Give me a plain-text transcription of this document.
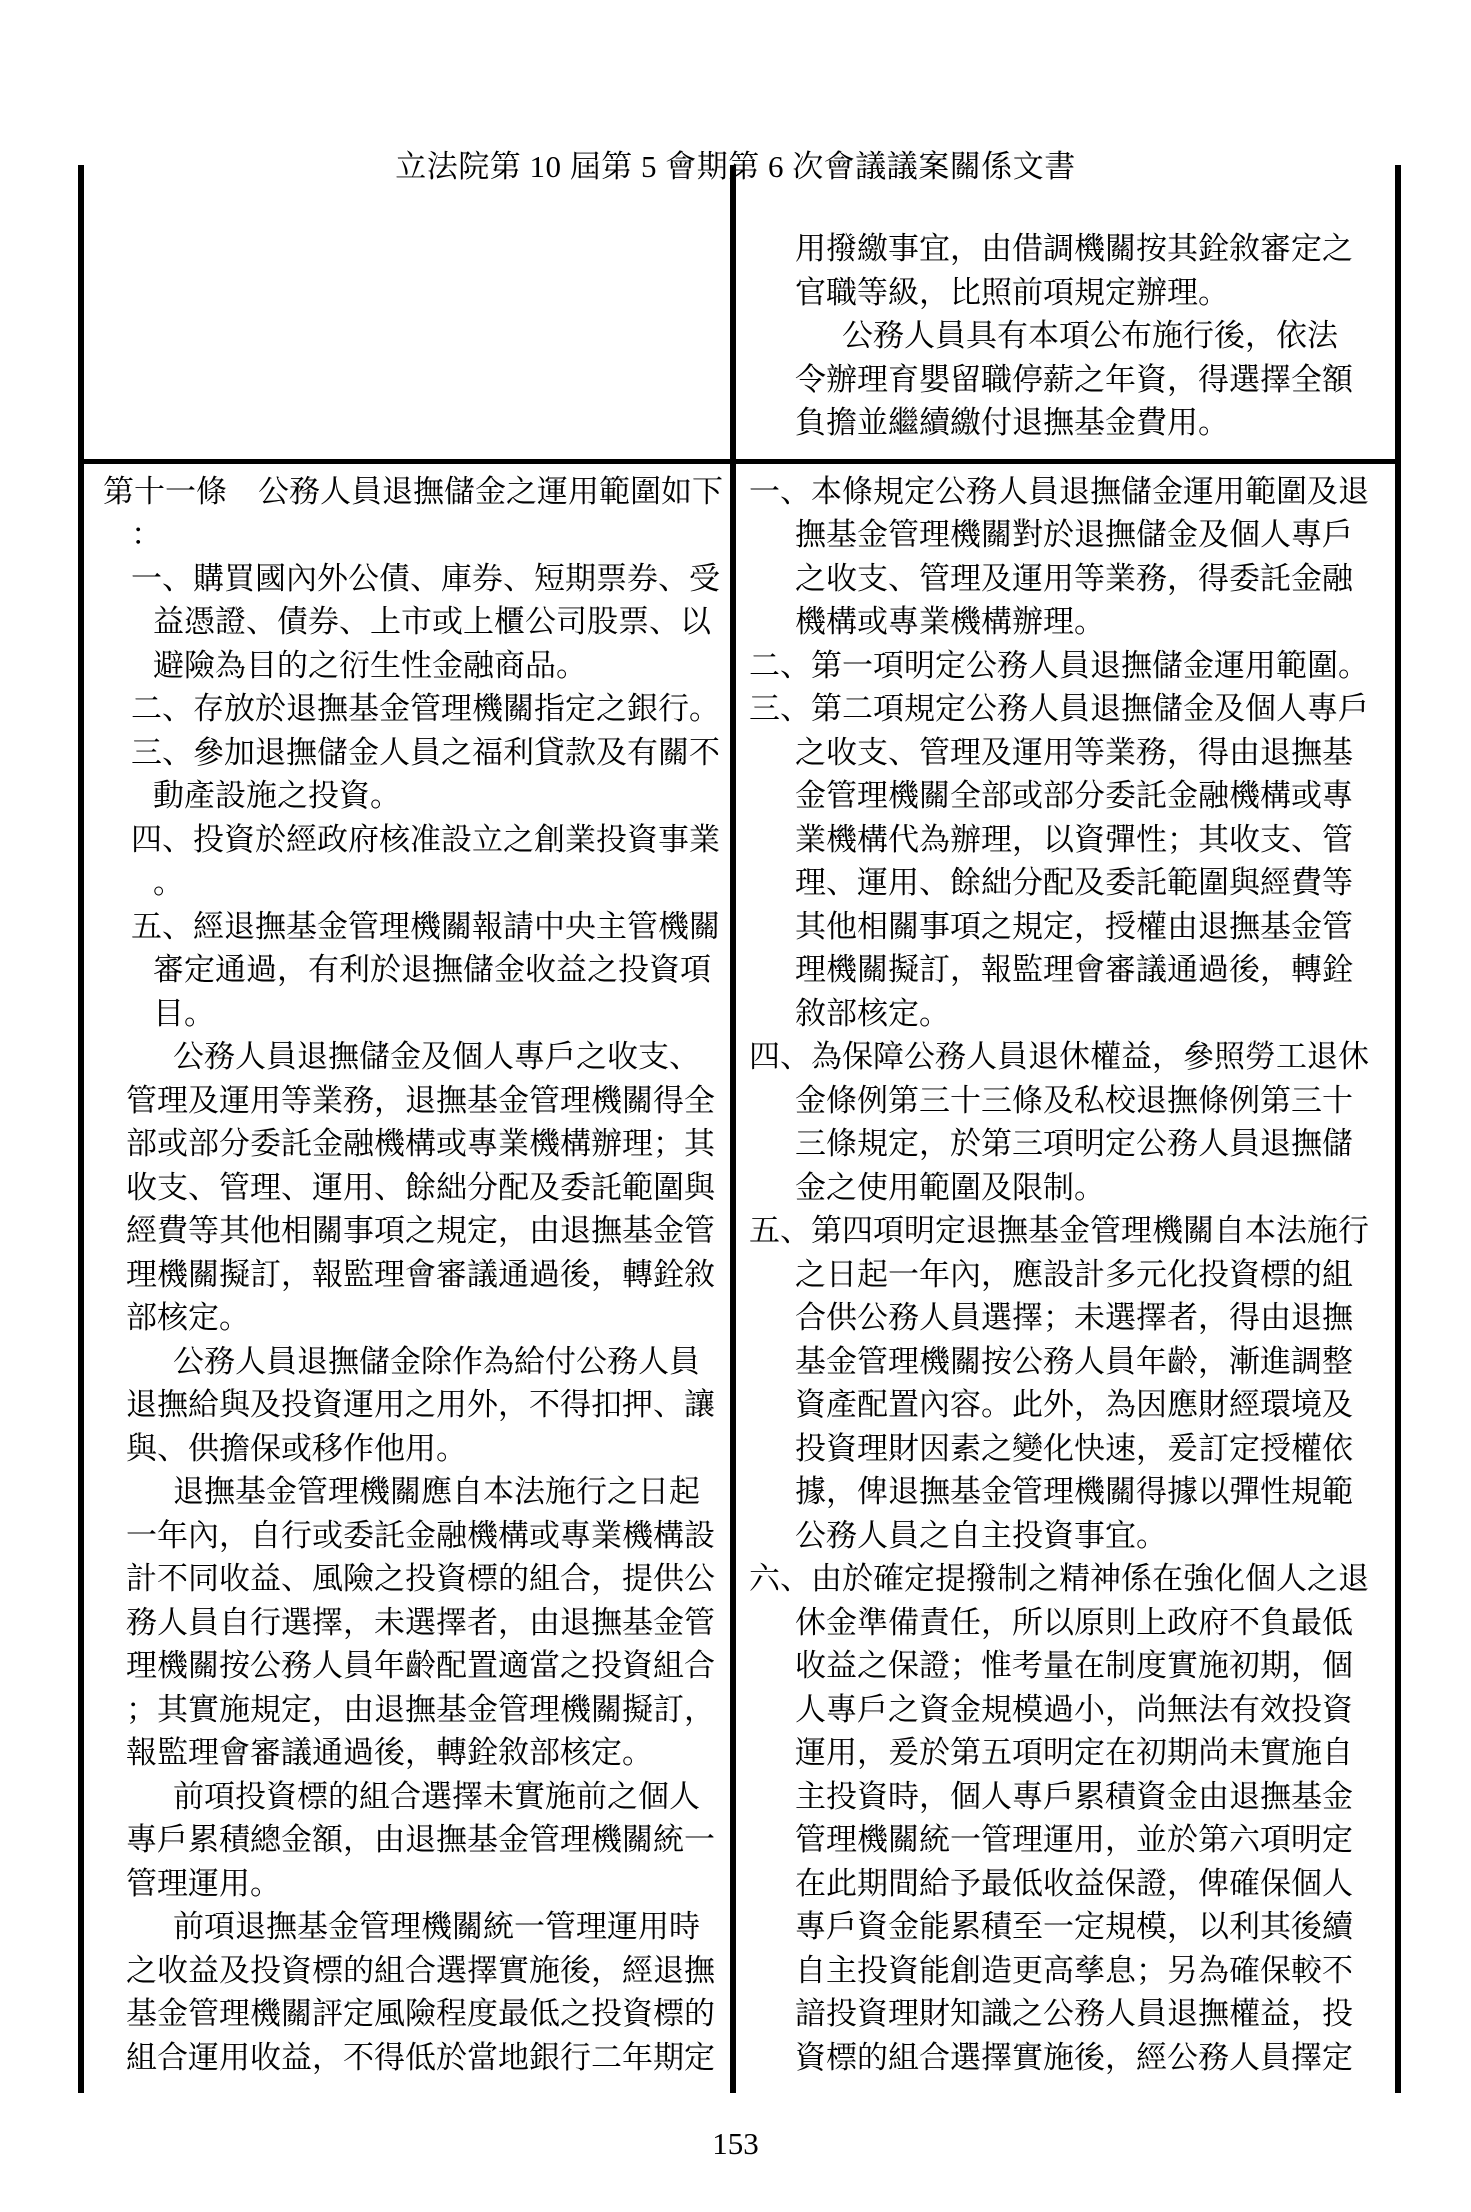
立法院第 10 屆第 5 會期第 6 次會議議案關係文書
用撥繳事宜，由借調機關按其銓敘審定之
官職等級，比照前項規定辦理。
公務人員具有本項公布施行後，依法
令辦理育嬰留職停薪之年資，得選擇全額
負擔並繼續繳付退撫基金費用。
第十一條　公務人員退撫儲金之運用範圍如下
：
一、購買國內外公債、庫券、短期票券、受
益憑證、債券、上市或上櫃公司股票、以
避險為目的之衍生性金融商品。
二、存放於退撫基金管理機關指定之銀行。
三、參加退撫儲金人員之福利貸款及有關不
動產設施之投資。
四、投資於經政府核准設立之創業投資事業
。
五、經退撫基金管理機關報請中央主管機關
審定通過，有利於退撫儲金收益之投資項
目。
公務人員退撫儲金及個人專戶之收支、
管理及運用等業務，退撫基金管理機關得全
部或部分委託金融機構或專業機構辦理；其
收支、管理、運用、餘絀分配及委託範圍與
經費等其他相關事項之規定，由退撫基金管
理機關擬訂，報監理會審議通過後，轉銓敘
部核定。
公務人員退撫儲金除作為給付公務人員
退撫給與及投資運用之用外，不得扣押、讓
與、供擔保或移作他用。
退撫基金管理機關應自本法施行之日起
一年內，自行或委託金融機構或專業機構設
計不同收益、風險之投資標的組合，提供公
務人員自行選擇，未選擇者，由退撫基金管
理機關按公務人員年齡配置適當之投資組合
；其實施規定，由退撫基金管理機關擬訂，
報監理會審議通過後，轉銓敘部核定。
前項投資標的組合選擇未實施前之個人
專戶累積總金額，由退撫基金管理機關統一
管理運用。
前項退撫基金管理機關統一管理運用時
之收益及投資標的組合選擇實施後，經退撫
基金管理機關評定風險程度最低之投資標的
組合運用收益，不得低於當地銀行二年期定
一、本條規定公務人員退撫儲金運用範圍及退
撫基金管理機關對於退撫儲金及個人專戶
之收支、管理及運用等業務，得委託金融
機構或專業機構辦理。
二、第一項明定公務人員退撫儲金運用範圍。
三、第二項規定公務人員退撫儲金及個人專戶
之收支、管理及運用等業務，得由退撫基
金管理機關全部或部分委託金融機構或專
業機構代為辦理，以資彈性；其收支、管
理、運用、餘絀分配及委託範圍與經費等
其他相關事項之規定，授權由退撫基金管
理機關擬訂，報監理會審議通過後，轉銓
敘部核定。
四、為保障公務人員退休權益，參照勞工退休
金條例第三十三條及私校退撫條例第三十
三條規定，於第三項明定公務人員退撫儲
金之使用範圍及限制。
五、第四項明定退撫基金管理機關自本法施行
之日起一年內，應設計多元化投資標的組
合供公務人員選擇；未選擇者，得由退撫
基金管理機關按公務人員年齡，漸進調整
資產配置內容。此外，為因應財經環境及
投資理財因素之變化快速，爰訂定授權依
據，俾退撫基金管理機關得據以彈性規範
公務人員之自主投資事宜。
六、由於確定提撥制之精神係在強化個人之退
休金準備責任，所以原則上政府不負最低
收益之保證；惟考量在制度實施初期，個
人專戶之資金規模過小，尚無法有效投資
運用，爰於第五項明定在初期尚未實施自
主投資時，個人專戶累積資金由退撫基金
管理機關統一管理運用，並於第六項明定
在此期間給予最低收益保證，俾確保個人
專戶資金能累積至一定規模，以利其後續
自主投資能創造更高孳息；另為確保較不
諳投資理財知識之公務人員退撫權益，投
資標的組合選擇實施後，經公務人員擇定
153
